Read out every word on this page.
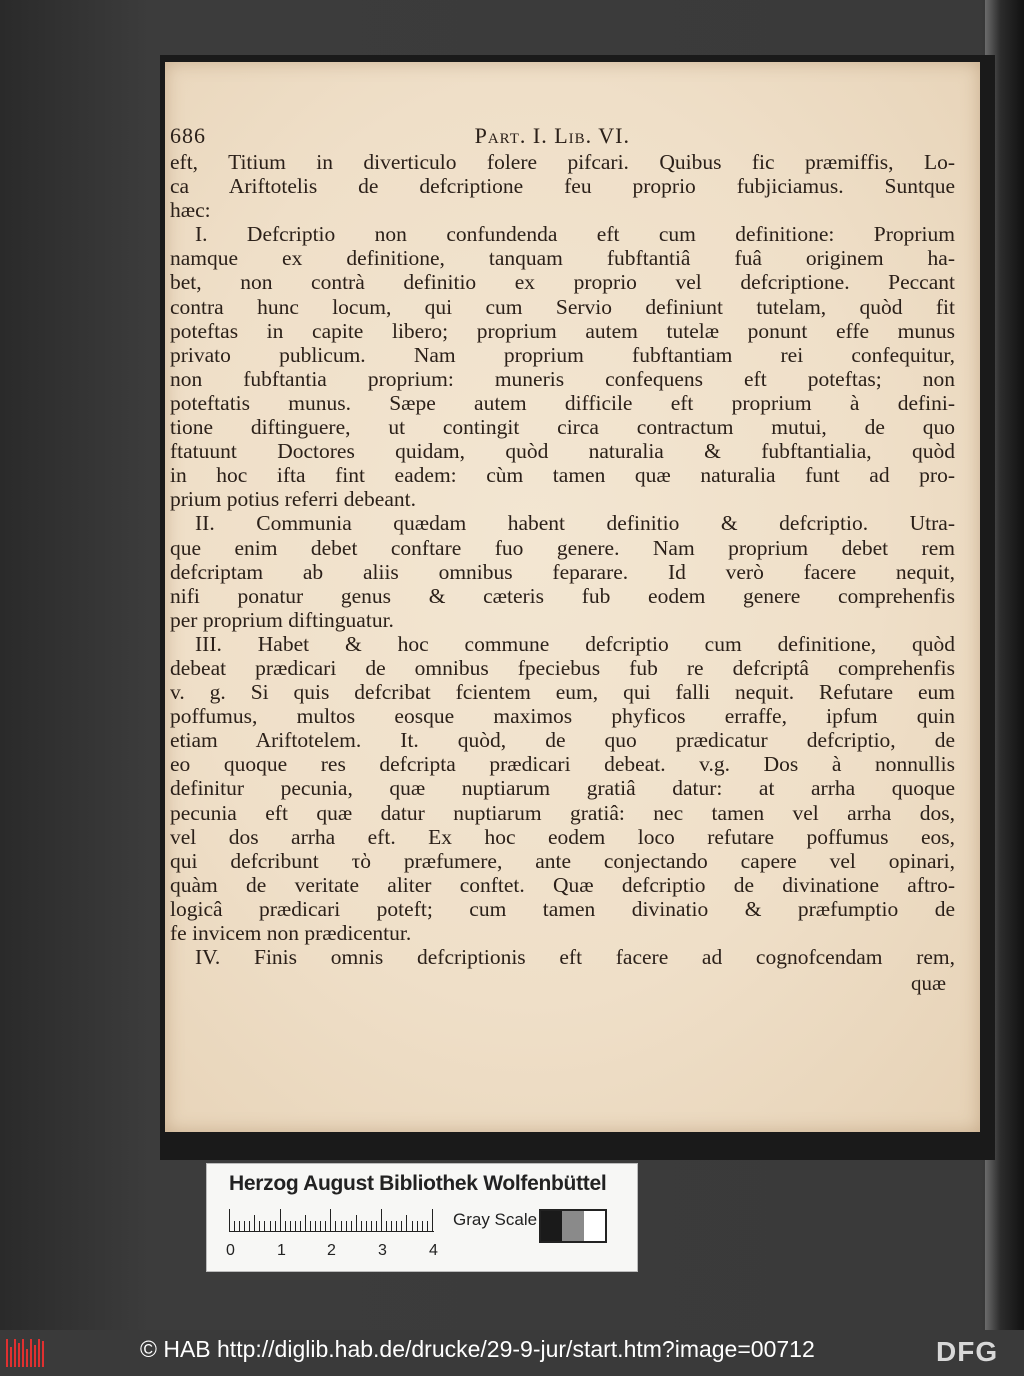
686	Part. I. Lib. VI.
eft, Titium in diverticulo folere pifcari. Quibus fic præmiffis, Lo-
ca Ariftotelis de defcriptione feu proprio fubjiciamus. Suntque
hæc:
I. Defcriptio non confundenda eft cum definitione: Proprium
namque ex definitione, tanquam fubftantiâ fuâ originem ha-
bet, non contrà definitio ex proprio vel defcriptione. Peccant
contra hunc locum, qui cum Servio definiunt tutelam, quòd fit
poteftas in capite libero; proprium autem tutelæ ponunt effe munus
privato publicum. Nam proprium fubftantiam rei confequitur,
non fubftantia proprium: muneris confequens eft poteftas; non
poteftatis munus. Sæpe autem difficile eft proprium à defini-
tione diftinguere, ut contingit circa contractum mutui, de quo
ftatuunt Doctores quidam, quòd naturalia & fubftantialia, quòd
in hoc ifta fint eadem: cùm tamen quæ naturalia funt ad pro-
prium potius referri debeant.
II. Communia quædam habent definitio & defcriptio. Utra-
que enim debet conftare fuo genere. Nam proprium debet rem
defcriptam ab aliis omnibus feparare. Id verò facere nequit,
nifi ponatur genus & cæteris fub eodem genere comprehenfis
per proprium diftinguatur.
III. Habet & hoc commune defcriptio cum definitione, quòd
debeat prædicari de omnibus fpeciebus fub re defcriptâ comprehenfis
v. g. Si quis defcribat fcientem eum, qui falli nequit. Refutare eum
poffumus, multos eosque maximos phyficos erraffe, ipfum quin
etiam Ariftotelem. It. quòd, de quo prædicatur defcriptio, de
eo quoque res defcripta prædicari debeat. v.g. Dos à nonnullis
definitur pecunia, quæ nuptiarum gratiâ datur: at arrha quoque
pecunia eft quæ datur nuptiarum gratiâ: nec tamen vel arrha dos,
vel dos arrha eft. Ex hoc eodem loco refutare poffumus eos,
qui defcribunt τὸ præfumere, ante conjectando capere vel opinari,
quàm de veritate aliter conftet. Quæ defcriptio de divinatione aftro-
logicâ prædicari poteft; cum tamen divinatio & præfumptio de
fe invicem non prædicentur.
IV. Finis omnis defcriptionis eft facere ad cognofcendam rem,
quæ
Herzog August Bibliothek Wolfenbüttel
0	1	2	3	4
Gray Scale
© HAB http://diglib.hab.de/drucke/29-9-jur/start.htm?image=00712	DFG
